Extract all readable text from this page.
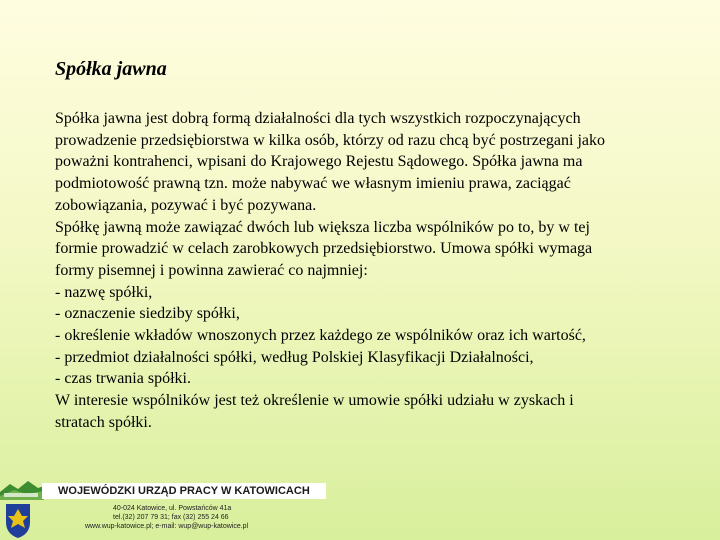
Spółka jawna
Spółka jawna jest dobrą formą działalności dla tych wszystkich rozpoczynających
prowadzenie przedsiębiorstwa w kilka osób, którzy od razu chcą być postrzegani jako
poważni kontrahenci, wpisani do Krajowego Rejestu Sądowego. Spółka jawna ma
podmiotowość prawną tzn. może nabywać we własnym imieniu prawa, zaciągać
zobowiązania, pozywać i być pozywana.
Spółkę jawną może zawiązać dwóch lub większa liczba wspólników po to, by w tej
formie prowadzić w celach zarobkowych przedsiębiorstwo. Umowa spółki wymaga
formy pisemnej i powinna zawierać co najmniej:
- nazwę spółki,
- oznaczenie siedziby spółki,
- określenie wkładów wnoszonych przez każdego ze wspólników oraz ich wartość,
- przedmiot działalności spółki, według Polskiej Klasyfikacji Działalności,
- czas trwania spółki.
W interesie wspólników jest też określenie w umowie spółki udziału w zyskach i
stratach spółki.
WOJEWÓDZKI URZĄD PRACY W KATOWICACH
40-024 Katowice, ul. Powstańców 41a
tel.(32) 207 79 31; fax (32) 255 24 66
www.wup-katowice.pl; e-mail: wup@wup-katowice.pl
